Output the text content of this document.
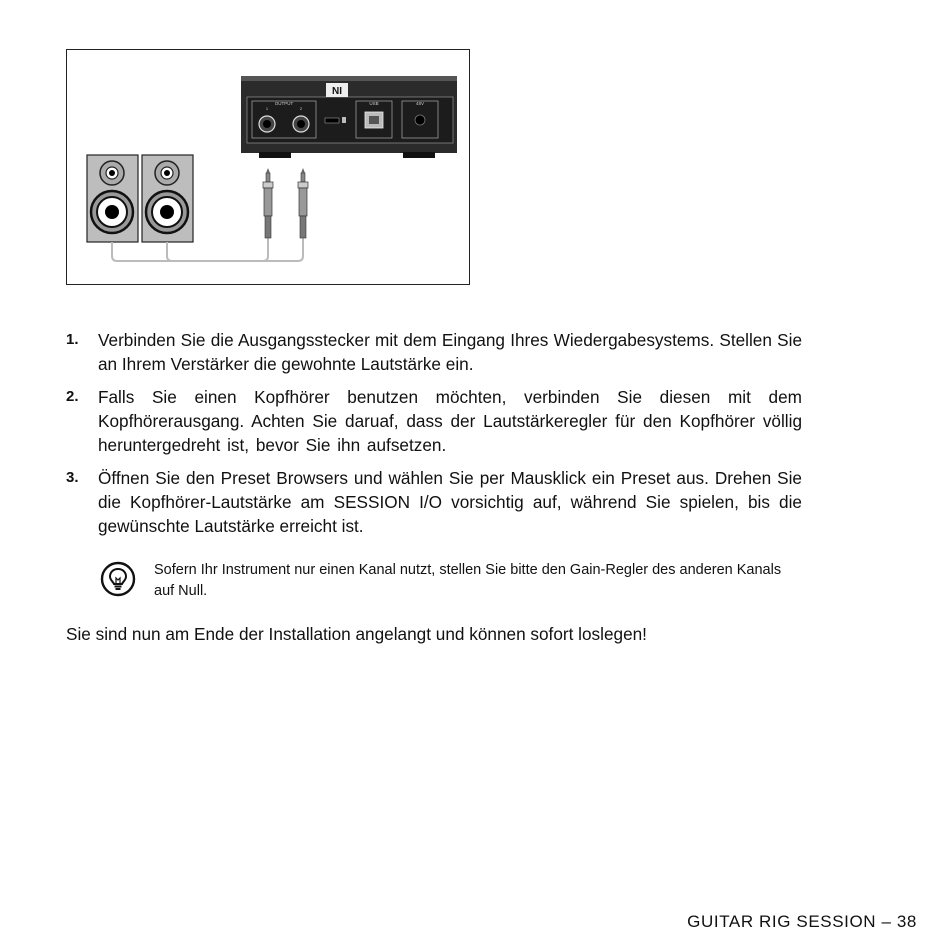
NI
OUTPUT
1	2
USB	48V
1. Verbinden Sie die Ausgangsstecker mit dem Eingang Ihres Wiedergabesystems. Stellen Sie an Ihrem Verstärker die gewohnte Lautstärke ein.
2. Falls Sie einen Kopfhörer benutzen möchten, verbinden Sie diesen mit dem Kopfhörerausgang. Achten Sie daruaf, dass der Lautstärkeregler für den Kopfhörer völlig heruntergedreht ist, bevor Sie ihn aufsetzen.
3. Öffnen Sie den Preset Browsers und wählen Sie per Mausklick ein Preset aus. Drehen Sie die Kopfhörer-Lautstärke am SESSION I/O vorsichtig auf, während Sie spielen, bis die gewünschte Lautstärke erreicht ist.
Sofern Ihr Instrument nur einen Kanal nutzt, stellen Sie bitte den Gain-Regler des anderen Kanals auf Null.

Sie sind nun am Ende der Installation angelangt und können sofort loslegen!

GUITAR RIG SESSION – 38
